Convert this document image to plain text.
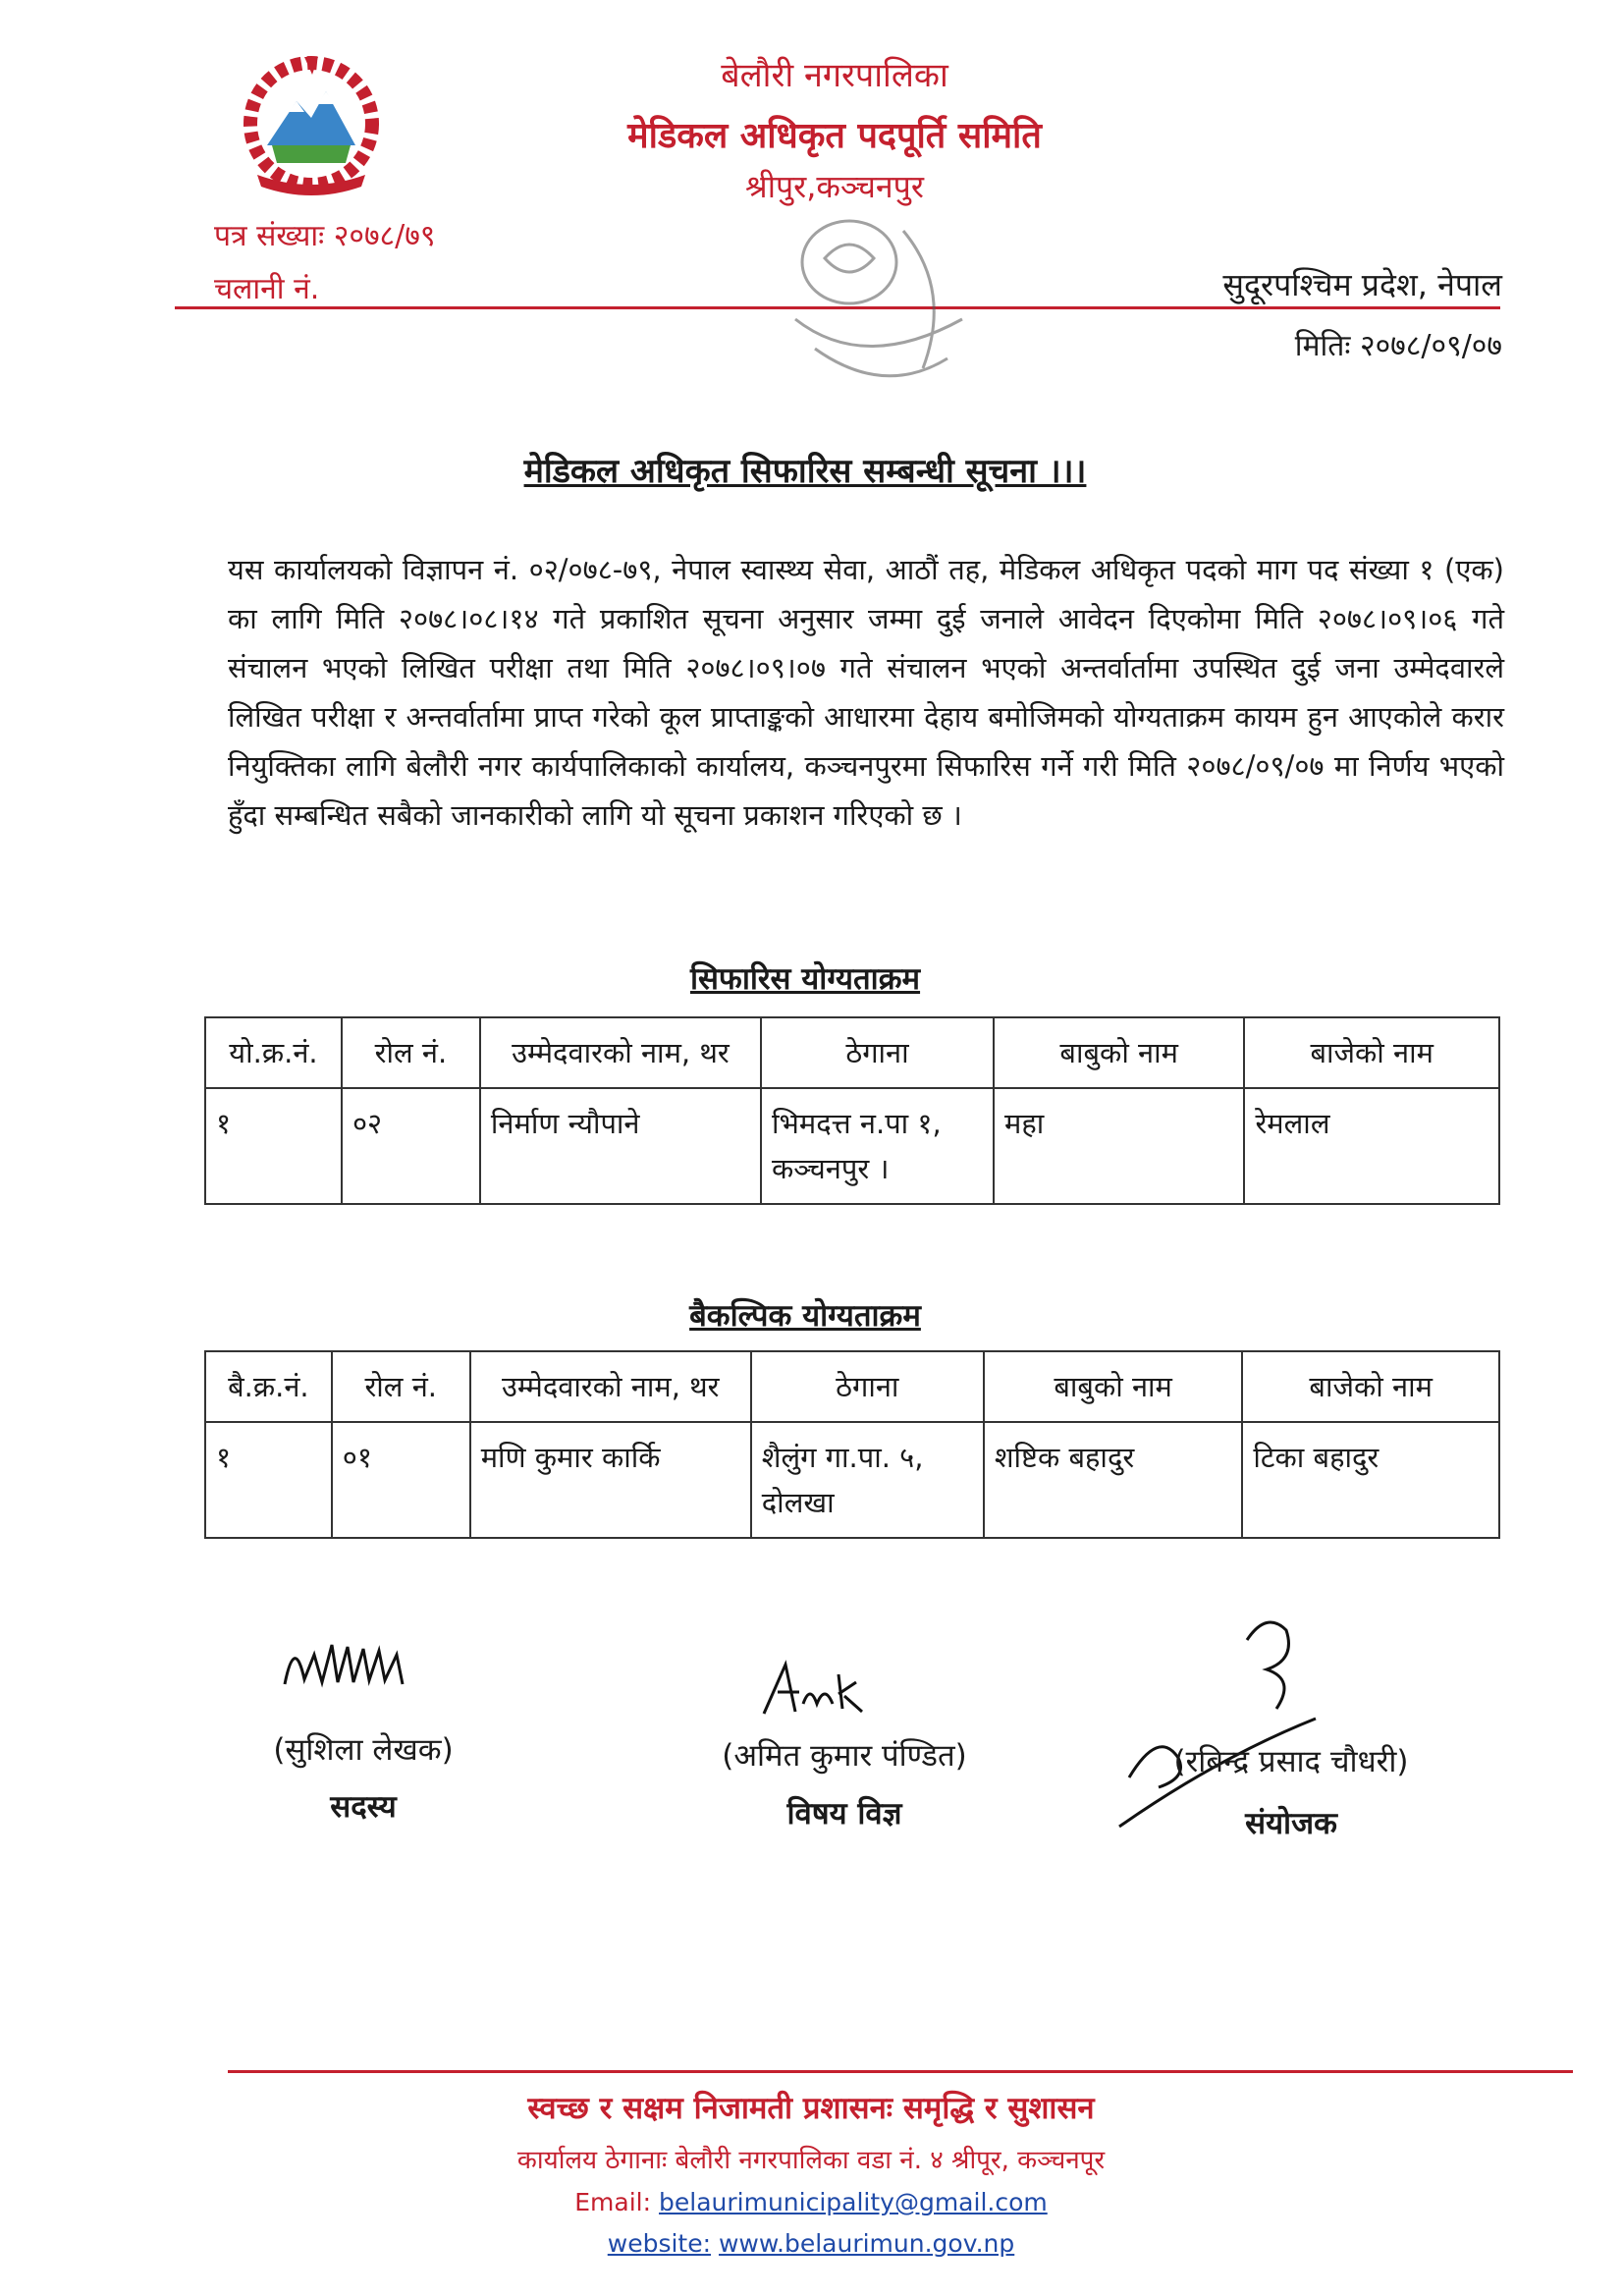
बेलौरी नगरपालिका
मेडिकल अधिकृत पदपूर्ति समिति
श्रीपुर,कञ्चनपुर
पत्र संख्याः २०७८/७९
चलानी नं.	सुदूरपश्चिम प्रदेश, नेपाल
मितिः २०७८/०९/०७
मेडिकल अधिकृत सिफारिस सम्बन्धी सूचना ।।।
यस कार्यालयको विज्ञापन नं. ०२/०७८-७९, नेपाल स्वास्थ्य सेवा, आठौं तह, मेडिकल अधिकृत पदको माग पद संख्या १ (एक) का लागि मिति २०७८।०८।१४ गते प्रकाशित सूचना अनुसार जम्मा दुई जनाले आवेदन दिएकोमा मिति २०७८।०९।०६ गते संचालन भएको लिखित परीक्षा तथा मिति २०७८।०९।०७ गते संचालन भएको अन्तर्वार्तामा उपस्थित दुई जना उम्मेदवारले लिखित परीक्षा र अन्तर्वार्तामा प्राप्त गरेको कूल प्राप्ताङ्कको आधारमा देहाय बमोजिमको योग्यताक्रम कायम हुन आएकोले करार नियुक्तिका लागि बेलौरी नगर कार्यपालिकाको कार्यालय, कञ्चनपुरमा सिफारिस गर्ने गरी मिति २०७८/०९/०७ मा निर्णय भएको हुँदा सम्बन्धित सबैको जानकारीको लागि यो सूचना प्रकाशन गरिएको छ ।
सिफारिस योग्यताक्रम
यो.क्र.नं.	रोल नं.	उम्मेदवारको नाम, थर	ठेगाना	बाबुको नाम	बाजेको नाम
१	०२	निर्माण न्यौपाने	भिमदत्त न.पा १, कञ्चनपुर ।	महा	रेमलाल
बैकल्पिक योग्यताक्रम
बै.क्र.नं.	रोल नं.	उम्मेदवारको नाम, थर	ठेगाना	बाबुको नाम	बाजेको नाम
१	०१	मणि कुमार कार्कि	शैलुंग गा.पा. ५, दोलखा	शष्टिक बहादुर	टिका बहादुर
(सुशिला लेखक)
सदस्य
(अमित कुमार पंण्डित)
विषय विज्ञ
(रबिन्द्र प्रसाद चौधरी)
संयोजक
स्वच्छ र सक्षम निजामती प्रशासनः समृद्धि र सुशासन
कार्यालय ठेगानाः बेलौरी नगरपालिका वडा नं. ४ श्रीपूर, कञ्चनपूर
Email: belaurimunicipality@gmail.com
website: www.belaurimun.gov.np
